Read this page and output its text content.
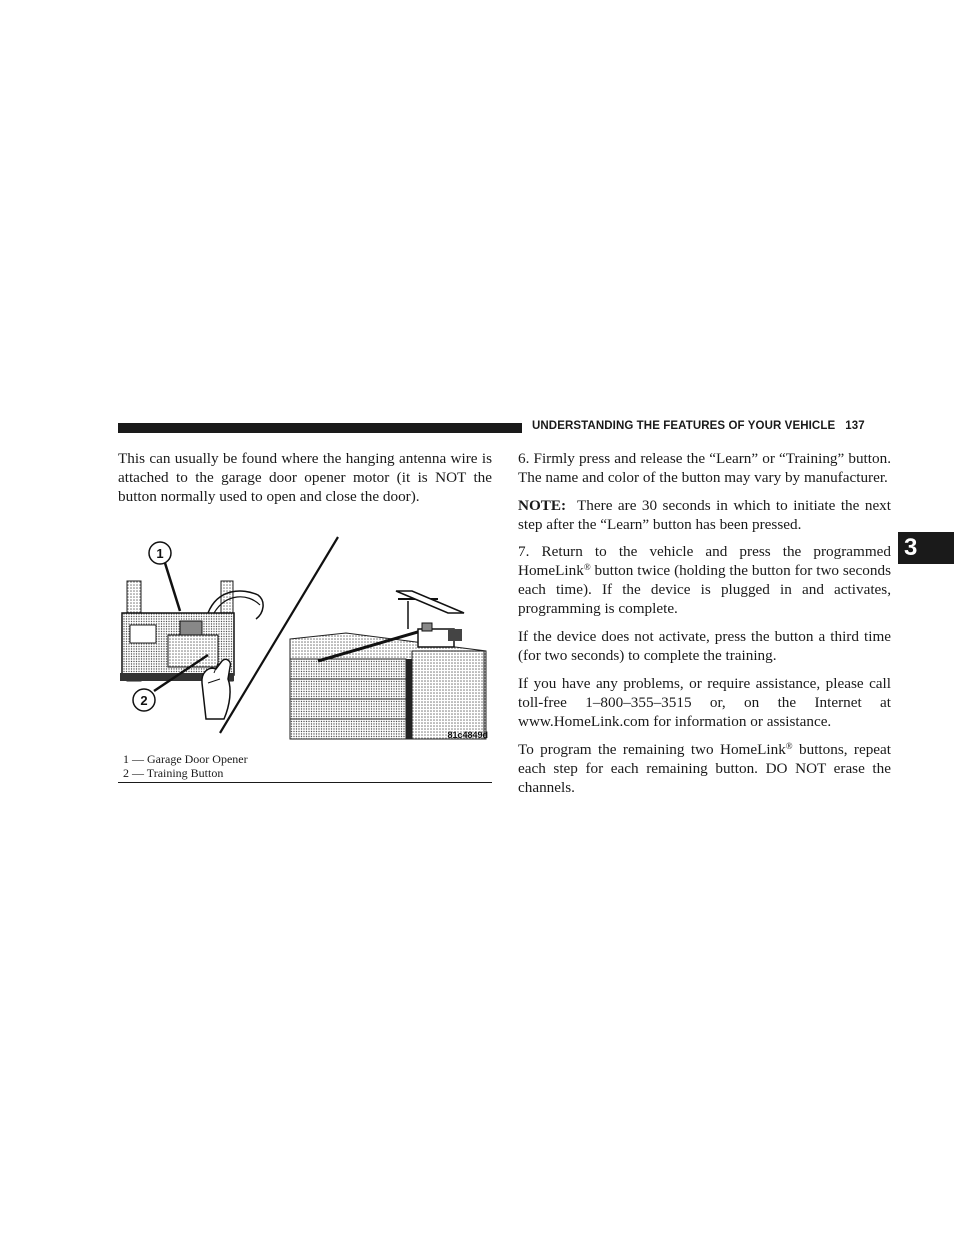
UNDERSTANDING THE FEATURES OF YOUR VEHICLE 137
3

This can usually be found where the hanging antenna wire is attached to the garage door opener motor (it is NOT the button normally used to open and close the door).

1
2
81c4849d
1 — Garage Door Opener
2 — Training Button

6. Firmly press and release the “Learn” or “Training” button. The name and color of the button may vary by manufacturer.

NOTE: There are 30 seconds in which to initiate the next step after the “Learn” button has been pressed.

7. Return to the vehicle and press the programmed HomeLink® button twice (holding the button for two seconds each time). If the device is plugged in and activates, programming is complete.

If the device does not activate, press the button a third time (for two seconds) to complete the training.

If you have any problems, or require assistance, please call toll-free 1–800–355–3515 or, on the Internet at www.HomeLink.com for information or assistance.

To program the remaining two HomeLink® buttons, repeat each step for each remaining button. DO NOT erase the channels.
